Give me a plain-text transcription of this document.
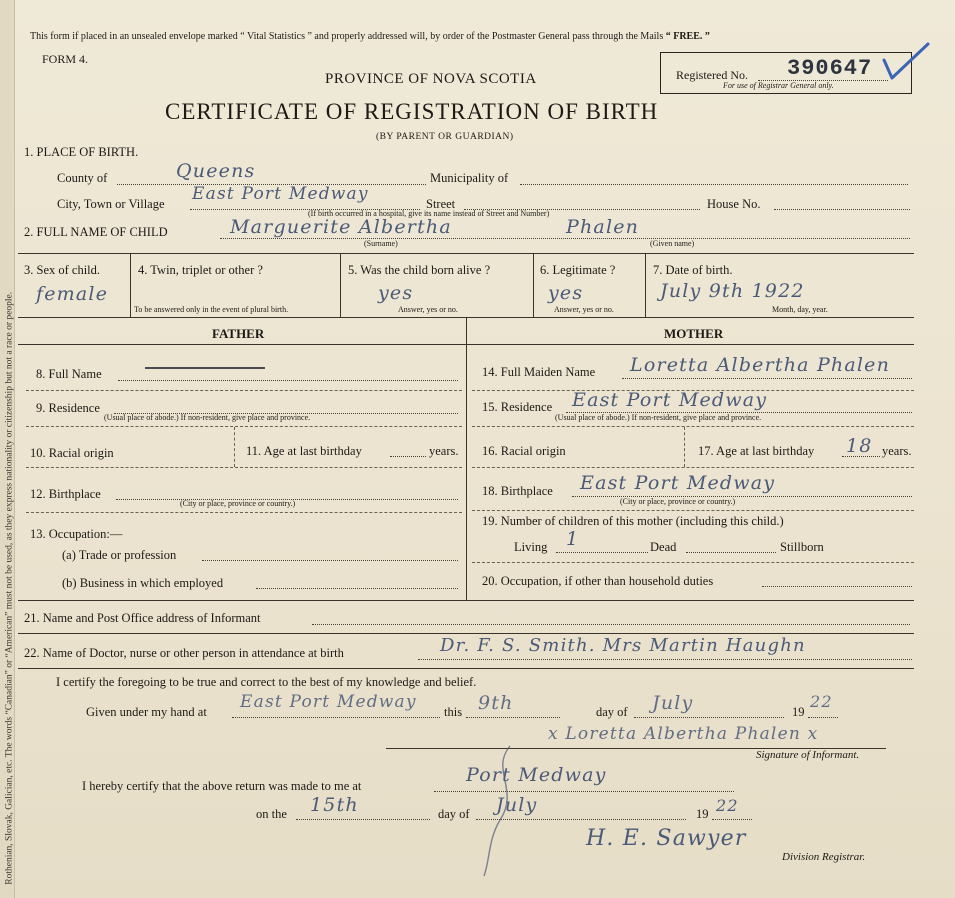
Rothenian, Slovak, Galician, etc. The words “Canadian” or “American” must not be used, as they express nationality or citizenship but not a race or people.
This form if placed in an unsealed envelope marked “ Vital Statistics ” and properly addressed will, by order of the Postmaster General pass through the Mails “ FREE. ”
FORM 4.
Registered No. 390647
For use of Registrar General only.
PROVINCE OF NOVA SCOTIA
CERTIFICATE OF REGISTRATION OF BIRTH
(BY PARENT OR GUARDIAN)
1. PLACE OF BIRTH.
County of	Queens	Municipality of
City, Town or Village East Port Medway	Street	House No.
(If birth occurred in a hospital, give its name instead of Street and Number)
2. FULL NAME OF CHILD	Marguerite Albertha	Phalen
(Surname)	(Given name)
3. Sex of child.
female
4. Twin, triplet or other ?
To be answered only in the event of plural birth.
5. Was the child born alive ?
yes
Answer, yes or no.
6. Legitimate ?
yes
Answer, yes or no.
7. Date of birth.
July 9th 1922
Month, day, year.
FATHER	MOTHER
8. Full Name
9. Residence
(Usual place of abode.) If non-resident, give place and province.
10. Racial origin	11. Age at last birthday	years.
12. Birthplace
(City or place, province or country.)
13. Occupation:—
(a) Trade or profession
(b) Business in which employed
14. Full Maiden Name Loretta Albertha Phalen
15. Residence East Port Medway
(Usual place of abode.) If non-resident, give place and province.
16. Racial origin	17. Age at last birthday 18 years.
18. Birthplace East Port Medway
(City or place, province or country.)
19. Number of children of this mother (including this child.)
Living 1	Dead	Stillborn
20. Occupation, if other than household duties
21. Name and Post Office address of Informant
22. Name of Doctor, nurse or other person in attendance at birth	Dr. F. S. Smith. Mrs Martin Haughn
I certify the foregoing to be true and correct to the best of my knowledge and belief.
Given under my hand at East Port Medway this 9th	day of July	19
22
x Loretta Albertha Phalen x
Signature of Informant.
I hereby certify that the above return was made to me at	Port Medway
on the 15th	day of July	19 22
H. E. Sawyer
Division Registrar.
